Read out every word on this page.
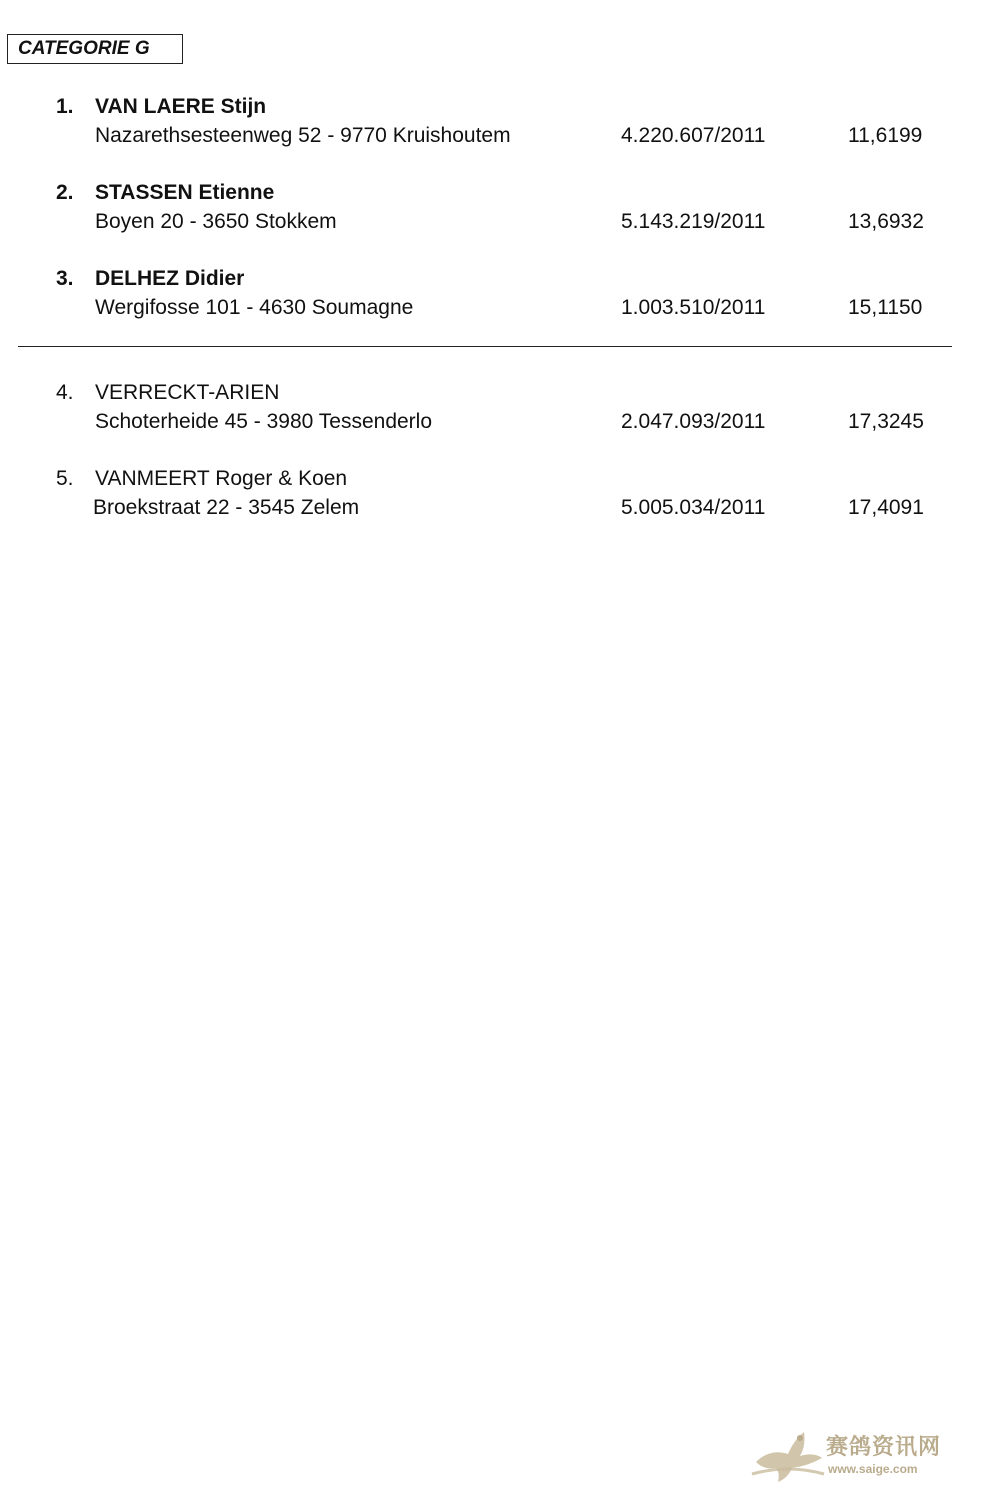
CATEGORIE G
1. VAN LAERE Stijn
Nazarethsesteenweg 52 - 9770 Kruishoutem	4.220.607/2011	11,6199
2. STASSEN Etienne
Boyen 20 - 3650 Stokkem	5.143.219/2011	13,6932
3. DELHEZ Didier
Wergifosse 101 - 4630 Soumagne	1.003.510/2011	15,1150
4. VERRECKT-ARIEN
Schoterheide 45 - 3980 Tessenderlo	2.047.093/2011	17,3245
5. VANMEERT Roger & Koen
Broekstraat 22 - 3545 Zelem	5.005.034/2011	17,4091
赛鸽资讯网
www.saige.com
